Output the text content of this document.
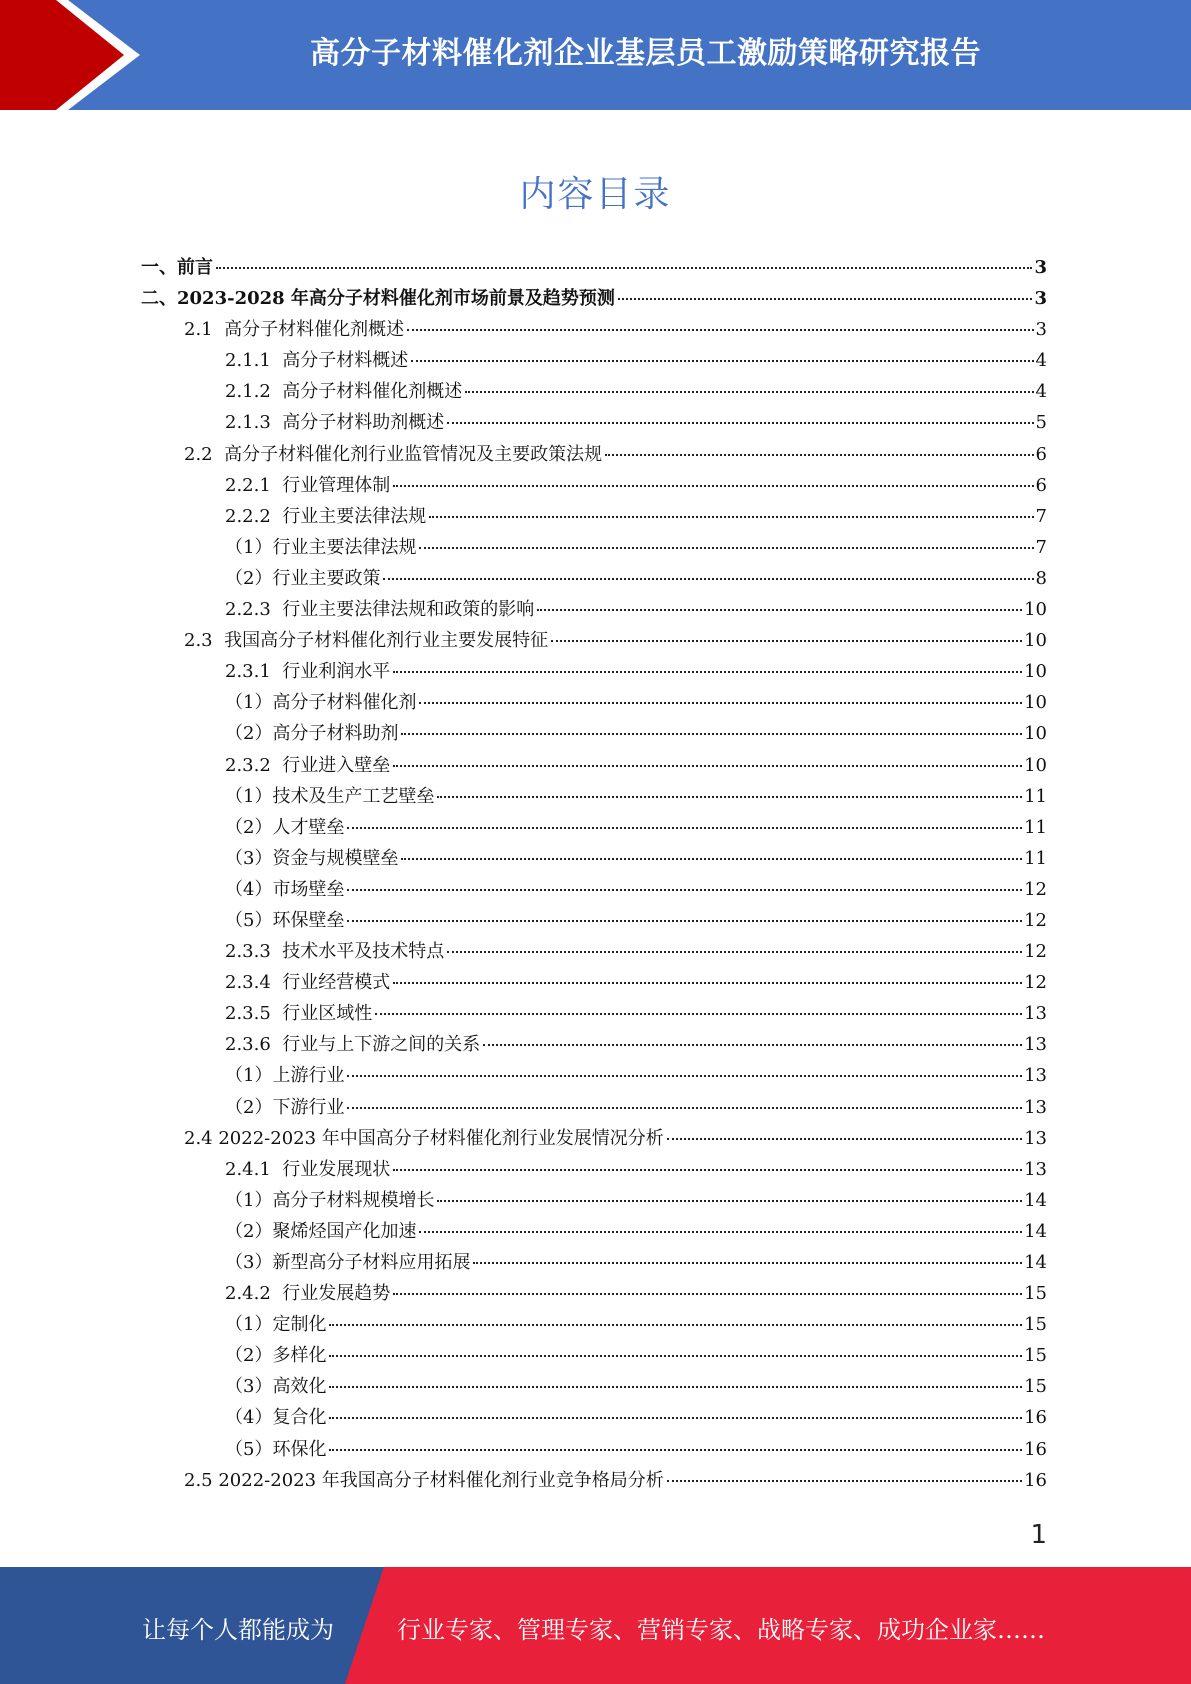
高分子材料催化剂企业基层员工激励策略研究报告
内容目录
一、 前言	3
二、 2023-2028 年高分子材料催化剂市场前景及趋势预测	3
2.1 高分子材料催化剂概述	3
2.1.1 高分子材料概述	4
2.1.2 高分子材料催化剂概述	4
2.1.3 高分子材料助剂概述	5
2.2 高分子材料催化剂行业监管情况及主要政策法规	6
2.2.1 行业管理体制	6
2.2.2 行业主要法律法规	7
（1） 行业主要法律法规	7
（2） 行业主要政策	8
2.2.3 行业主要法律法规和政策的影响	10
2.3 我国高分子材料催化剂行业主要发展特征	10
2.3.1 行业利润水平	10
（1） 高分子材料催化剂	10
（2） 高分子材料助剂	10
2.3.2 行业进入壁垒	10
（1） 技术及生产工艺壁垒	11
（2） 人才壁垒	11
（3） 资金与规模壁垒	11
（4） 市场壁垒	12
（5） 环保壁垒	12
2.3.3 技术水平及技术特点	12
2.3.4 行业经营模式	12
2.3.5 行业区域性	13
2.3.6 行业与上下游之间的关系	13
（1） 上游行业	13
（2） 下游行业	13
2.4 2022-2023 年中国高分子材料催化剂行业发展情况分析	13
2.4.1 行业发展现状	13
（1） 高分子材料规模增长	14
（2） 聚烯烃国产化加速	14
（3） 新型高分子材料应用拓展	14
2.4.2 行业发展趋势	15
（1） 定制化	15
（2） 多样化	15
（3） 高效化	15
（4） 复合化	16
（5） 环保化	16
2.5 2022-2023 年我国高分子材料催化剂行业竞争格局分析	16
1
让每个人都能成为	行业专家、管理专家、营销专家、战略专家、成功企业家……
